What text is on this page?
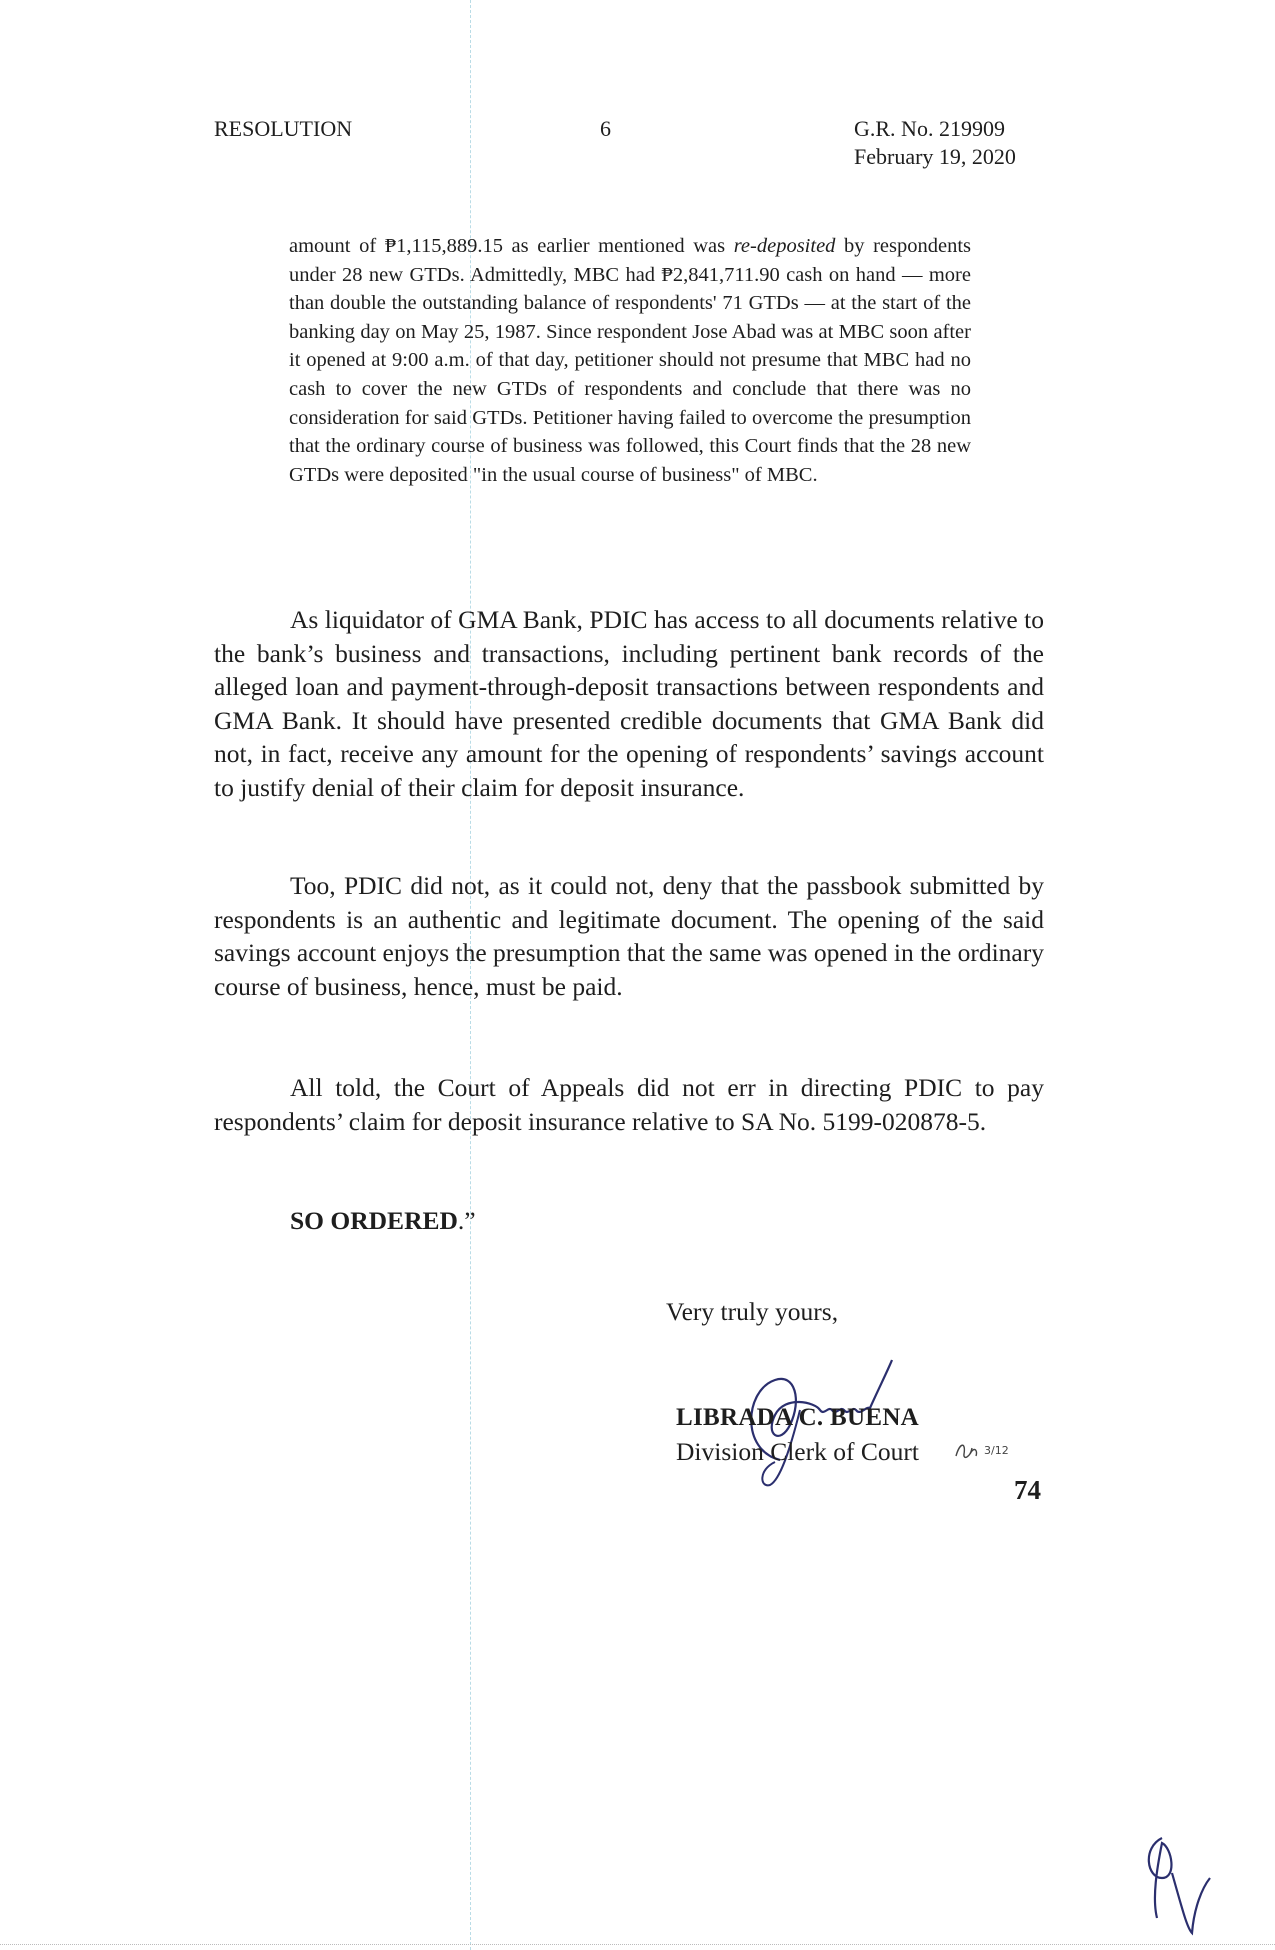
RESOLUTION	6	G.R. No. 219909
February 19, 2020

amount of ₱1,115,889.15 as earlier mentioned was re-deposited by respondents under 28 new GTDs. Admittedly, MBC had ₱2,841,711.90 cash on hand — more than double the outstanding balance of respondents' 71 GTDs — at the start of the banking day on May 25, 1987. Since respondent Jose Abad was at MBC soon after it opened at 9:00 a.m. of that day, petitioner should not presume that MBC had no cash to cover the new GTDs of respondents and conclude that there was no consideration for said GTDs. Petitioner having failed to overcome the presumption that the ordinary course of business was followed, this Court finds that the 28 new GTDs were deposited "in the usual course of business" of MBC.

As liquidator of GMA Bank, PDIC has access to all documents relative to the bank’s business and transactions, including pertinent bank records of the alleged loan and payment-through-deposit transactions between respondents and GMA Bank. It should have presented credible documents that GMA Bank did not, in fact, receive any amount for the opening of respondents’ savings account to justify denial of their claim for deposit insurance.

Too, PDIC did not, as it could not, deny that the passbook submitted by respondents is an authentic and legitimate document. The opening of the said savings account enjoys the presumption that the same was opened in the ordinary course of business, hence, must be paid.

All told, the Court of Appeals did not err in directing PDIC to pay respondents’ claim for deposit insurance relative to SA No. 5199-020878-5.

SO ORDERED.”
Very truly yours,
LIBRADA C. BUENA
Division Clerk of Court	3/12
74
